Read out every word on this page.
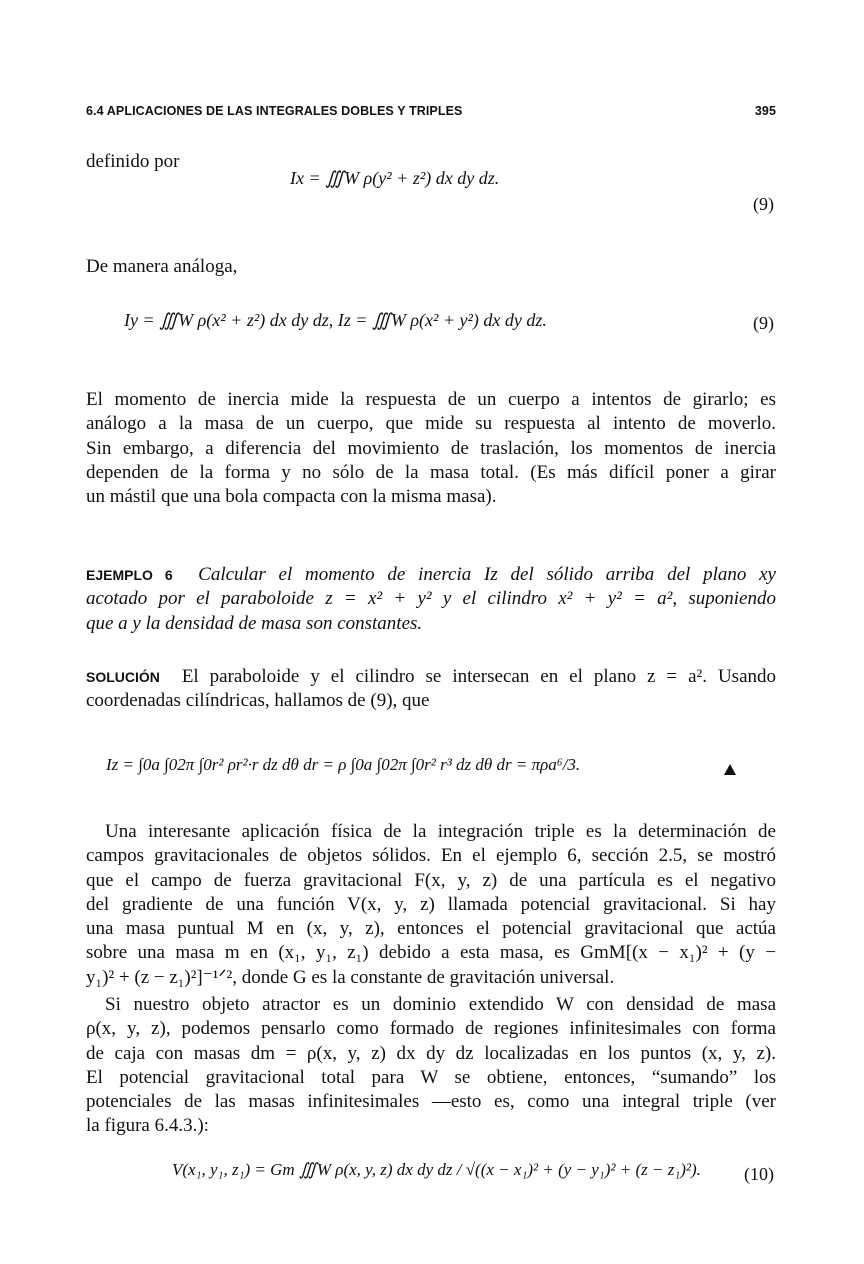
6.4 APLICACIONES DE LAS INTEGRALES DOBLES Y TRIPLES	395
definido por
Ix = ∭W ρ(y² + z²) dx dy dz.
(9)
De manera análoga,
Iy = ∭W ρ(x² + z²) dx dy dz, Iz = ∭W ρ(x² + y²) dx dy dz.	(9)
El momento de inercia mide la respuesta de un cuerpo a intentos de girarlo; es
análogo a la masa de un cuerpo, que mide su respuesta al intento de moverlo.
Sin embargo, a diferencia del movimiento de traslación, los momentos de inercia
dependen de la forma y no sólo de la masa total. (Es más difícil poner a girar
un mástil que una bola compacta con la misma masa).
EJEMPLO 6 Calcular el momento de inercia Iz del sólido arriba del plano xy
acotado por el paraboloide z = x² + y² y el cilindro x² + y² = a², suponiendo
que a y la densidad de masa son constantes.
SOLUCIÓN El paraboloide y el cilindro se intersecan en el plano z = a². Usando
coordenadas cilíndricas, hallamos de (9), que
Iz = ∫0a ∫02π ∫0r² ρr²·r dz dθ dr = ρ ∫0a ∫02π ∫0r² r³ dz dθ dr = πρa⁶/3.
Una interesante aplicación física de la integración triple es la determinación de
campos gravitacionales de objetos sólidos. En el ejemplo 6, sección 2.5, se mostró
que el campo de fuerza gravitacional F(x, y, z) de una partícula es el negativo
del gradiente de una función V(x, y, z) llamada potencial gravitacional. Si hay
una masa puntual M en (x, y, z), entonces el potencial gravitacional que actúa
sobre una masa m en (x₁, y₁, z₁) debido a esta masa, es GmM[(x − x₁)² + (y −
y₁)² + (z − z₁)²]⁻¹ᐟ², donde G es la constante de gravitación universal.
Si nuestro objeto atractor es un dominio extendido W con densidad de masa
ρ(x, y, z), podemos pensarlo como formado de regiones infinitesimales con forma
de caja con masas dm = ρ(x, y, z) dx dy dz localizadas en los puntos (x, y, z).
El potencial gravitacional total para W se obtiene, entonces, “sumando” los
potenciales de las masas infinitesimales —esto es, como una integral triple (ver
la figura 6.4.3.):
V(x₁, y₁, z₁) = Gm ∭W ρ(x, y, z) dx dy dz / √((x − x₁)² + (y − y₁)² + (z − z₁)²). (10)
